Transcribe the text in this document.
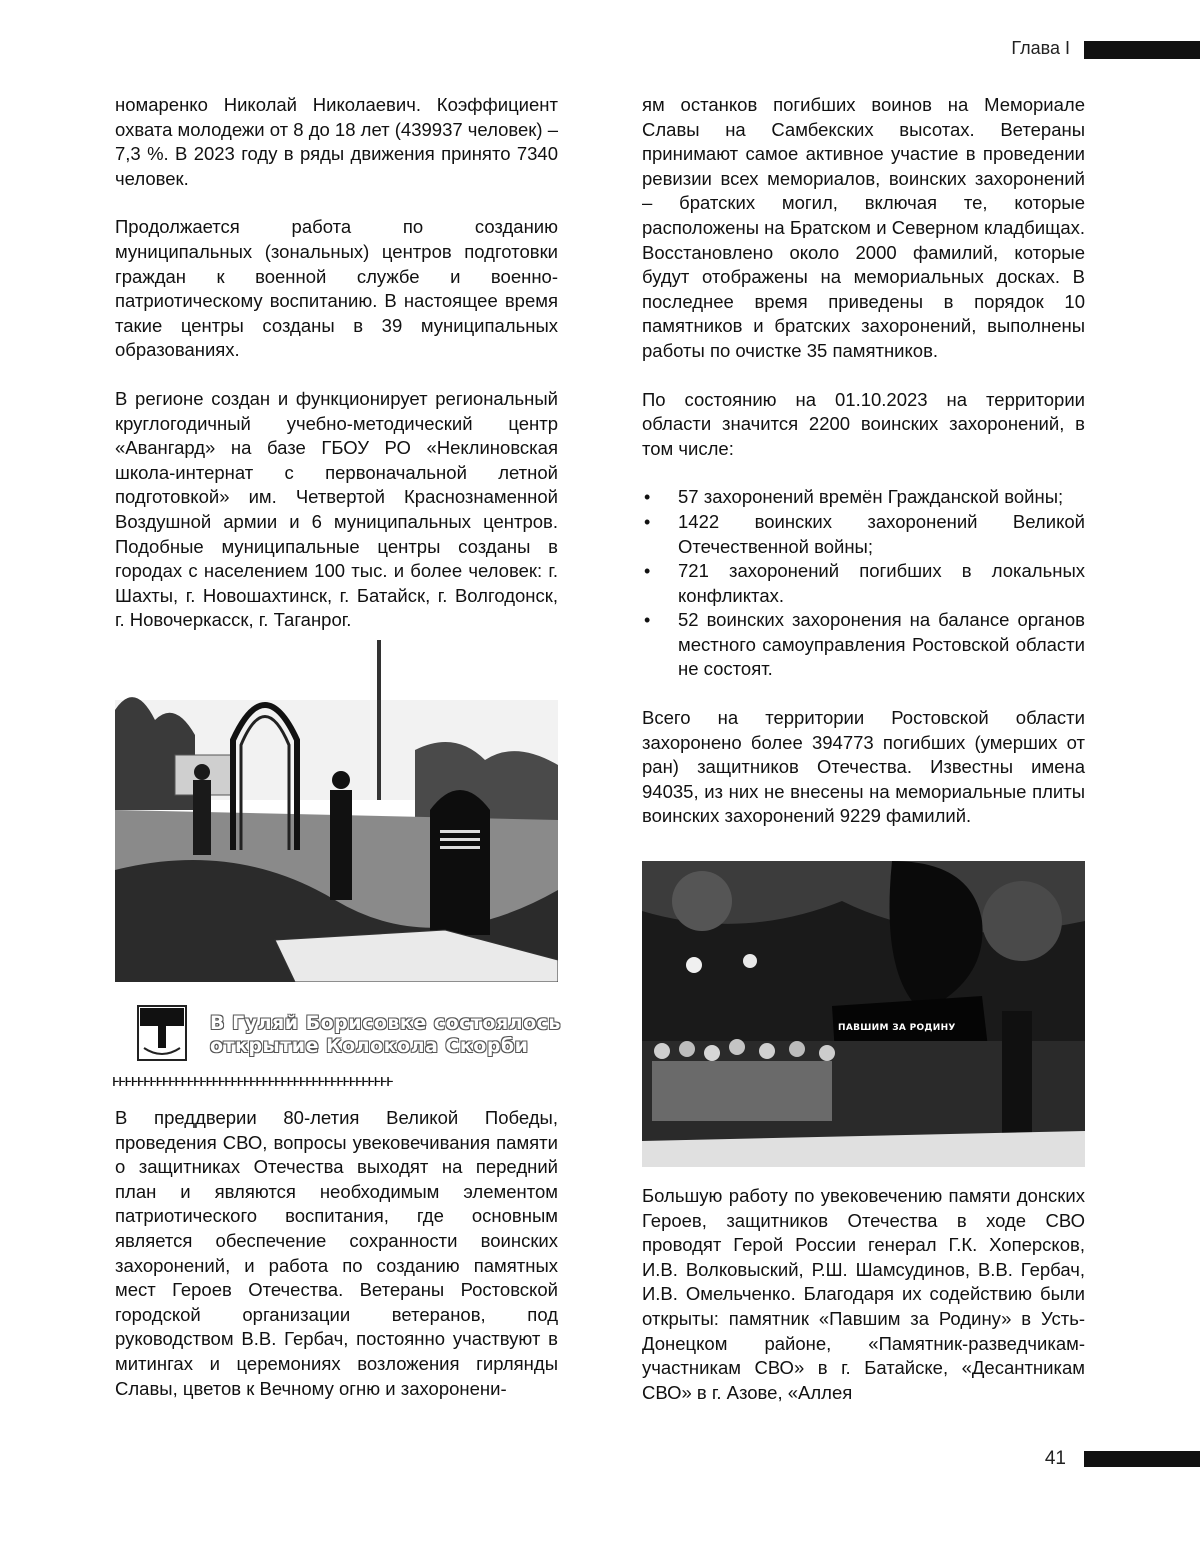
Глава I

номаренко Николай Николаевич. Коэффициент охвата молодежи от 8 до 18 лет (439937 человек) – 7,3 %. В 2023 году в ряды движения принято 7340 человек.

Продолжается работа по созданию муниципальных (зональных) центров подготовки граждан к военной службе и военно-патриотическому воспитанию. В настоящее время такие центры созданы в 39 муниципальных образованиях.

В регионе создан и функционирует региональный круглогодичный учебно-методический центр «Авангард» на базе ГБОУ РО «Неклиновская школа-интернат с первоначальной летной подготовкой» им. Четвертой Краснознаменной Воздушной армии и 6 муниципальных центров. Подобные муниципальные центры созданы в городах с населением 100 тыс. и более человек: г. Шахты, г. Новошахтинск, г. Батайск, г. Волгодонск, г. Новочеркасск, г. Таганрог.

В Гуляй Борисовке состоялось
открытие Колокола Скорби
ⱶⱶⱶⱶⱶⱶⱶⱶⱶⱶⱶⱶⱶⱶⱶⱶⱶⱶⱶⱶⱶⱶⱶⱶⱶⱶⱶⱶⱶⱶⱶⱶⱶⱶⱶⱶⱶⱶⱶⱶⱶⱶⱶⱶⱶ

В преддверии 80-летия Великой Победы, проведения СВО, вопросы увековечивания памяти о защитниках Отечества выходят на передний план и являются необходимым элементом патриотического воспитания, где основным является обеспечение сохранности воинских захоронений, и работа по созданию памятных мест Героев Отечества. Ветераны Ростовской городской организации ветеранов, под руководством В.В. Гербач, постоянно участвуют в митингах и церемониях возложения гирлянды Славы, цветов к Вечному огню и захоронени-

ям останков погибших воинов на Мемориале Славы на Самбекских высотах. Ветераны принимают самое активное участие в проведении ревизии всех мемориалов, воинских захоронений – братских могил, включая те, которые расположены на Братском и Северном кладбищах. Восстановлено около 2000 фамилий, которые будут отображены на мемориальных досках. В последнее время приведены в порядок 10 памятников и братских захоронений, выполнены работы по очистке 35 памятников.

По состоянию на 01.10.2023 на территории области значится 2200 воинских захоронений, в том числе:

• 57 захоронений времён Гражданской войны;
• 1422 воинских захоронений Великой Отечественной войны;
• 721 захоронений погибших в локальных конфликтах.
• 52 воинских захоронения на балансе органов местного самоуправления Ростовской области не состоят.

Всего на территории Ростовской области захоронено более 394773 погибших (умерших от ран) защитников Отечества. Известны имена 94035, из них не внесены на мемориальные плиты воинских захоронений 9229 фамилий.

ПАВШИМ ЗА РОДИНУ

Большую работу по увековечению памяти донских Героев, защитников Отечества в ходе СВО проводят Герой России генерал Г.К. Хоперсков, И.В. Волковыский, Р.Ш. Шамсудинов, В.В. Гербач, И.В. Омельченко. Благодаря их содействию были открыты: памятник «Павшим за Родину» в Усть-Донецком районе, «Памятник-разведчикам-участникам СВО» в г. Батайске, «Десантникам СВО» в г. Азове, «Аллея

41
